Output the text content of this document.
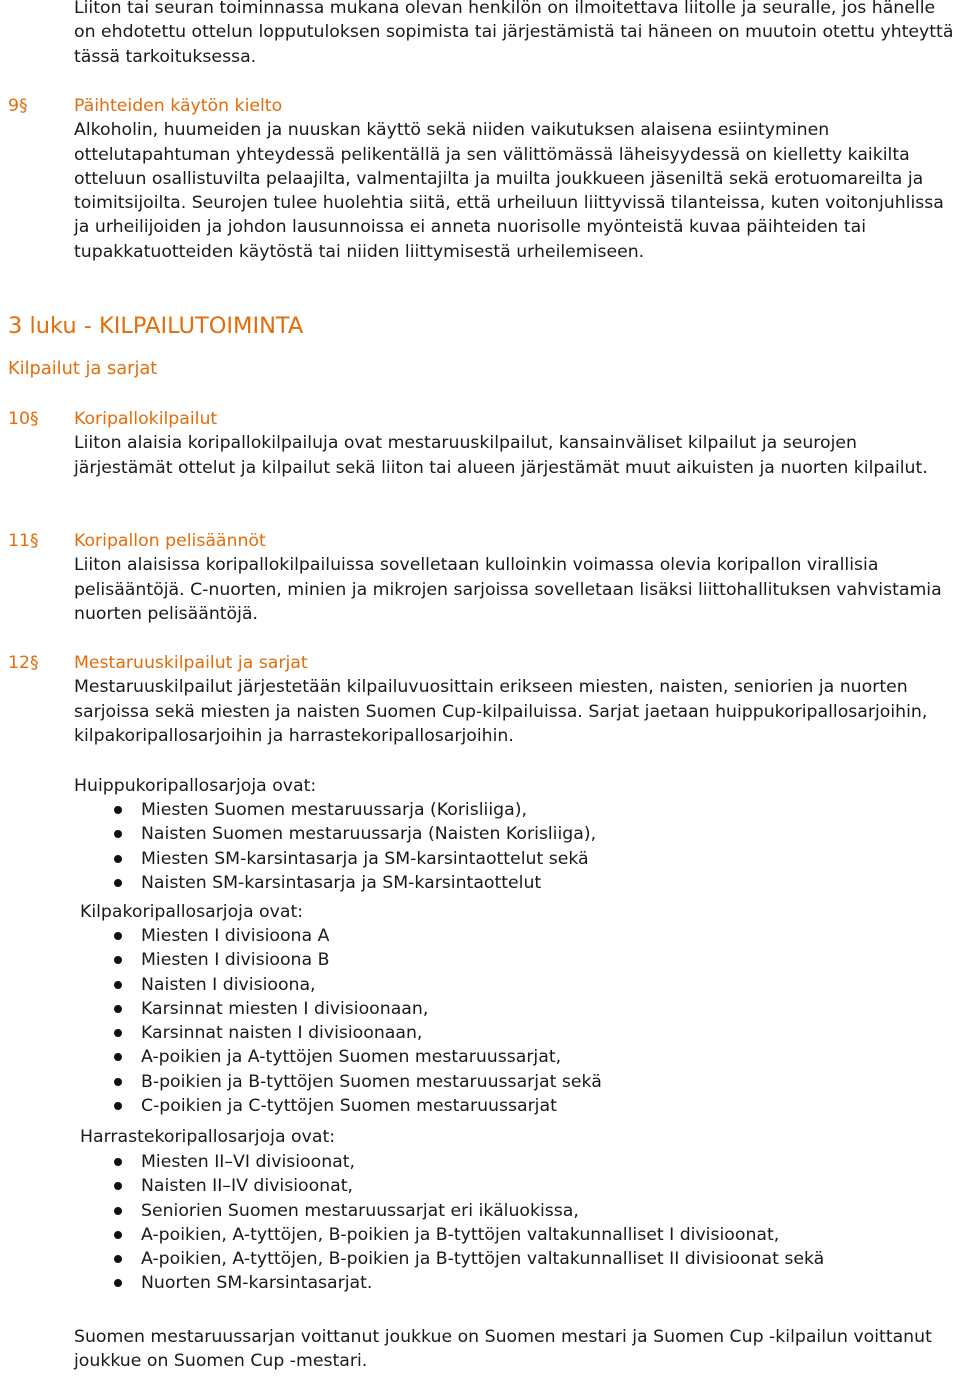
Liiton tai seuran toiminnassa mukana olevan henkilön on ilmoitettava liitolle ja seuralle, jos hänelle on ehdotettu ottelun lopputuloksen sopimista tai järjestämistä tai häneen on muutoin otettu yhteyttä tässä tarkoituksessa.

9§	Päihteiden käytön kielto

Alkoholin, huumeiden ja nuuskan käyttö sekä niiden vaikutuksen alaisena esiintyminen ottelutapahtuman yhteydessä pelikentällä ja sen välittömässä läheisyydessä on kielletty kaikilta otteluun osallistuvilta pelaajilta, valmentajilta ja muilta joukkueen jäseniltä sekä erotuomareilta ja toimitsijoilta. Seurojen tulee huolehtia siitä, että urheiluun liittyvissä tilanteissa, kuten voitonjuhlissa ja urheilijoiden ja johdon lausunnoissa ei anneta nuorisolle myönteistä kuvaa päihteiden tai tupakkatuotteiden käytöstä tai niiden liittymisestä urheilemiseen.

3 luku - KILPAILUTOIMINTA
Kilpailut ja sarjat
10§ Koripallokilpailut

Liiton alaisia koripallokilpailuja ovat mestaruuskilpailut, kansainväliset kilpailut ja seurojen järjestämät ottelut ja kilpailut sekä liiton tai alueen järjestämät muut aikuisten ja nuorten kilpailut.

11§ Koripallon pelisäännöt

Liiton alaisissa koripallokilpailuissa sovelletaan kulloinkin voimassa olevia koripallon virallisia pelisääntöjä. C-nuorten, minien ja mikrojen sarjoissa sovelletaan lisäksi liittohallituksen vahvistamia nuorten pelisääntöjä.

12§ Mestaruuskilpailut ja sarjat

Mestaruuskilpailut järjestetään kilpailuvuosittain erikseen miesten, naisten, seniorien ja nuorten sarjoissa sekä miesten ja naisten Suomen Cup-kilpailuissa. Sarjat jaetaan huippukoripallosarjoihin, kilpakoripallosarjoihin ja harrastekoripallosarjoihin.

Huippukoripallosarjoja ovat:

Miesten Suomen mestaruussarja (Korisliiga),
Naisten Suomen mestaruussarja (Naisten Korisliiga),
Miesten SM-karsintasarja ja SM-karsintaottelut sekä
Naisten SM-karsintasarja ja SM-karsintaottelut

Kilpakoripallosarjoja ovat:

Miesten I divisioona A
Miesten I divisioona B
Naisten I divisioona,
Karsinnat miesten I divisioonaan,
Karsinnat naisten I divisioonaan,
A-poikien ja A-tyttöjen Suomen mestaruussarjat,
B-poikien ja B-tyttöjen Suomen mestaruussarjat sekä
C-poikien ja C-tyttöjen Suomen mestaruussarjat

Harrastekoripallosarjoja ovat:

Miesten II–VI divisioonat,
Naisten II–IV divisioonat,
Seniorien Suomen mestaruussarjat eri ikäluokissa,
A-poikien, A-tyttöjen, B-poikien ja B-tyttöjen valtakunnalliset I divisioonat,
A-poikien, A-tyttöjen, B-poikien ja B-tyttöjen valtakunnalliset II divisioonat sekä
Nuorten SM-karsintasarjat.

Suomen mestaruussarjan voittanut joukkue on Suomen mestari ja Suomen Cup -kilpailun voittanut joukkue on Suomen Cup -mestari.
